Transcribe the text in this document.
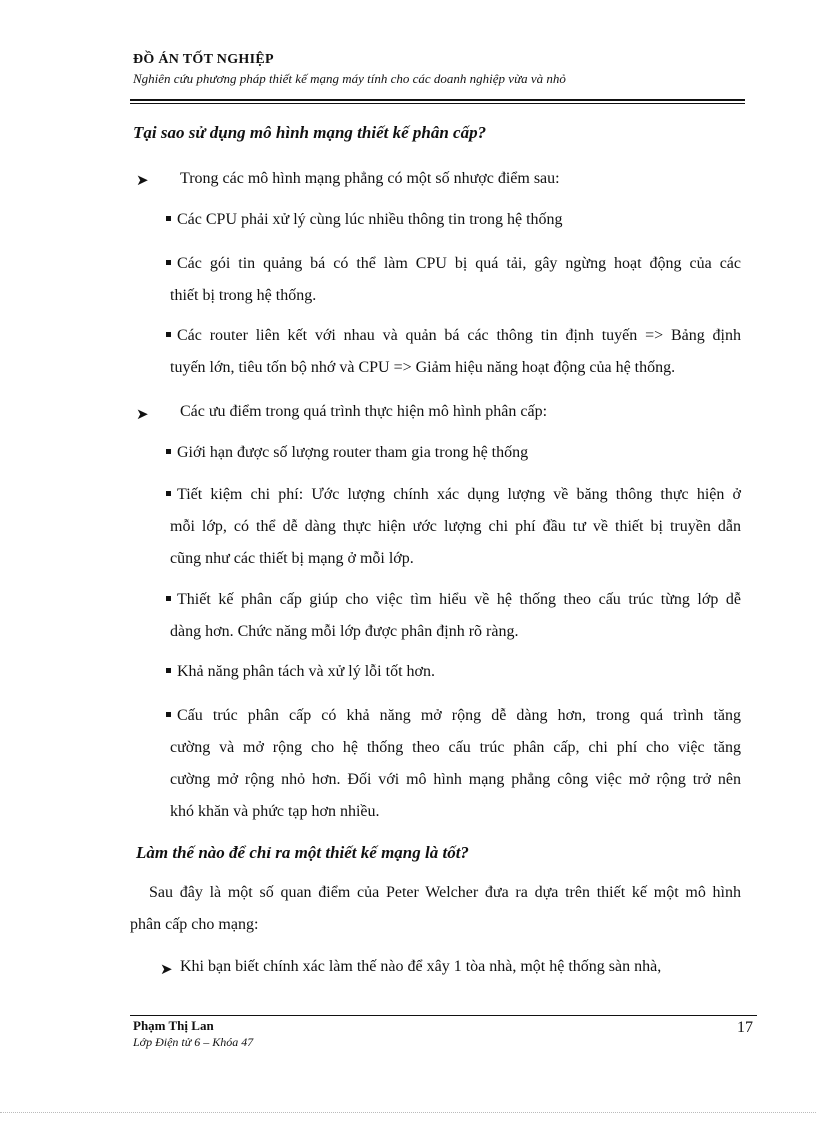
ĐỒ ÁN TỐT NGHIỆP
Nghiên cứu phương pháp thiết kế mạng máy tính cho các doanh nghiệp vừa và nhỏ
Tại sao sử dụng mô hình mạng thiết kế phân cấp?
➤ Trong các mô hình mạng phẳng có một số nhược điểm sau:
Các CPU phải xử lý cùng lúc nhiều thông tin trong hệ thống
Các gói tin quảng bá có thể làm CPU bị quá tải, gây ngừng hoạt động của các
thiết bị trong hệ thống.
Các router liên kết với nhau và quản bá các thông tin định tuyến => Bảng định
tuyến lớn, tiêu tốn bộ nhớ và CPU => Giảm hiệu năng hoạt động của hệ thống.
➤ Các ưu điểm trong quá trình thực hiện mô hình phân cấp:
Giới hạn được số lượng router tham gia trong hệ thống
Tiết kiệm chi phí: Ước lượng chính xác dụng lượng về băng thông thực hiện ở
mỗi lớp, có thể dễ dàng thực hiện ước lượng chi phí đầu tư về thiết bị truyền dẫn
cũng như các thiết bị mạng ở mỗi lớp.
Thiết kế phân cấp giúp cho việc tìm hiểu về hệ thống theo cấu trúc từng lớp dễ
dàng hơn. Chức năng mỗi lớp được phân định rõ ràng.
Khả năng phân tách và xử lý lỗi tốt hơn.
Cấu trúc phân cấp có khả năng mở rộng dễ dàng hơn, trong quá trình tăng
cường và mở rộng cho hệ thống theo cấu trúc phân cấp, chi phí cho việc tăng
cường mở rộng nhỏ hơn. Đối với mô hình mạng phẳng công việc mở rộng trở nên
khó khăn và phức tạp hơn nhiều.
Làm thế nào để chỉ ra một thiết kế mạng là tốt?
Sau đây là một số quan điểm của Peter Welcher đưa ra dựa trên thiết kế một mô hình
phân cấp cho mạng:
➤ Khi bạn biết chính xác làm thế nào để xây 1 tòa nhà, một hệ thống sàn nhà,
Phạm Thị Lan
Lớp Điện tử 6 – Khóa 47
17
